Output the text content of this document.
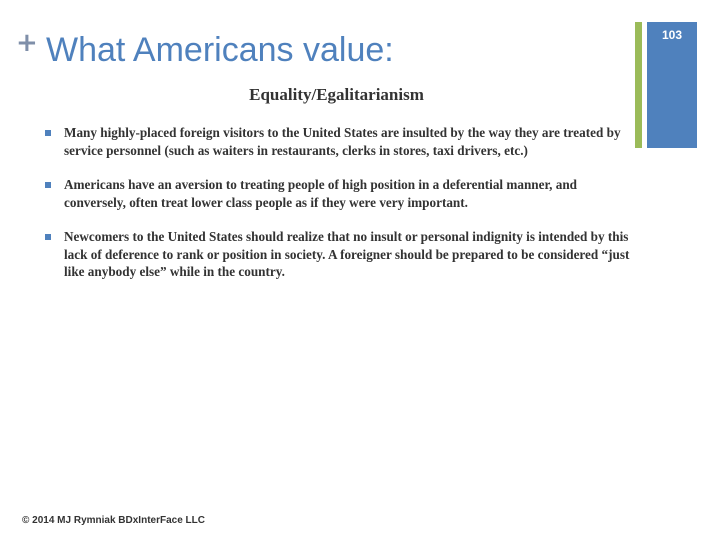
+ What Americans value:	103
Equality/Egalitarianism
Many highly-placed foreign visitors to the United States are insulted by the way they are treated by service personnel (such as waiters in restaurants, clerks in stores, taxi drivers, etc.)
Americans have an aversion to treating people of high position in a deferential manner, and conversely, often treat lower class people as if they were very important.
Newcomers to the United States should realize that no insult or personal indignity is intended by this lack of deference to rank or position in society. A foreigner should be prepared to be considered “just like anybody else” while in the country.
© 2014 MJ Rymniak BDxInterFace LLC
